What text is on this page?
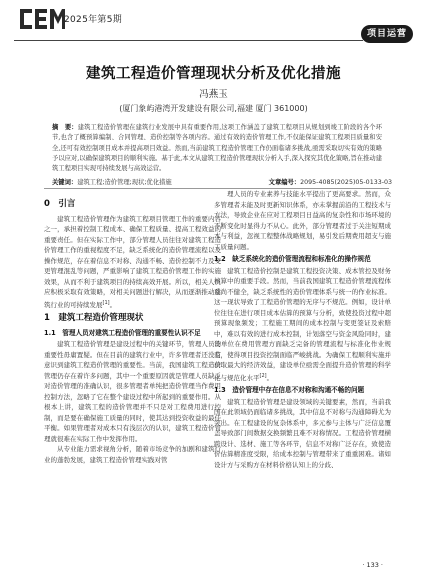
2025年第5期
项目运营
建筑工程造价管理现状分析及优化措施
冯燕玉
(厦门象屿港湾开发建设有限公司,福建 厦门 361000)
摘　要：建筑工程造价管理在建筑行业发展中具有重要作用,这项工作涵盖了建筑工程项目从规划到竣工阶段的各个环节,也含了概预算编制、合同管理、造价控制等各项内容。通过有效的造价管理工作,不仅能保证建筑工程项目质量和安全,还可有效控制项目成本并提高项目效益。然而,当前建筑工程造价管理工作仍面临诸多挑战,亟需采取切实有效的策略予以应对,以确保建筑项目的顺利实施。基于此,本文从建筑工程造价管理现状分析入手,深入探究其优化策略,旨在推动建筑工程项目实现可持续发展与高效运营。
关键词：建筑工程;造价管理;现状;优化措施	文章编号：2095-4085(2025)05-0133-03
0　引言

建筑工程造价管理作为建筑工程项目管理工作的重要内容之一，承担着控制工程成本、确保工程质量、提高工程效益的重要责任。但在实际工作中，部分管理人员往往对建筑工程造价管理工作的重视程度不足，缺乏系统化的造价管理流程以及操作规范，存在着信息不对称、沟通不畅、造价控制不力及变更管理混乱等问题，严重影响了建筑工程造价管理工作的实施效果，从而不利于建筑项目的持续高效开展。所以，相关人员应积极采取有效策略，对相关问题进行解决，从而逐渐推动建筑行业的可持续发展[1]。

1　建筑工程造价管理现状
1.1　管理人员对建筑工程造价管理的重要性认识不足

建筑工程造价管理是建设过程中的关键环节，管理人员的重要性毋庸置疑。但在目前的建筑行业中，许多管理者还没有意识到建筑工程造价管理的重要性。当前，我国建筑工程造价管理仍存在着许多问题，其中一个重要原因就是管理人员缺乏对造价管理的准确认识，很多管理者单纯把造价管理当作费用控制方法，忽略了它在整个建设过程中所起到的重要作用。从根本上讲，建筑工程的造价管理并不只是对工程费用进行控制，而是要在确保施工质量的同时，使其达到投资收益的最佳平衡。如果管理者对成本只有浅层次的认识，建筑工程造价管理就很难在实际工作中发挥作用。

从专业能力需求视角分析，随着市场竞争的加剧和建筑行业的蓬勃发展，建筑工程造价管理实践对管

理人员的专业素养与技能水平提出了更高要求。然而，众多管理者未能及时更新知识体系，亦未掌握前沿的工程技术与方法，导致企业在应对工程项目日益高的复杂性和市场环境的不断变化时显得力不从心。此外，部分管理者过于关注短期成本与利益，忽视工程整体战略规划，易引发后期费用超支与施工质量问题。

1.2　缺乏系统化的造价管理流程和标准化的操作规范

建筑工程造价控制是建筑工程投资决策、成本管控及财务核算中的重要手段。然而，当前我国建筑工程造价管理流程体系尚不健全，缺乏系统性的造价管理体系与统一的作业标准。这一现状导致了工程造价管理的无序与不规范。例如，设计单位往往在进行项目成本估算的预算与分析，致使投资过程中超预算现象频发；工程施工期间的成本控制与变更签证及索赔中，难以有效的进行成本控制，计划落空与资金风险同时，建设单位在费用管理方面缺乏完备的管理流程与标准化作业规范，使得项目投资控制面临严峻挑战。为确保工程顺利实施并获取最大的经济效益，建设单位亟需全面提升造价管理的科学化与规范化水平[2]。

1.3　造价管理中存在信息不对称和沟通不畅的问题

建筑工程造价管理是建设领域的关键要素，然而，当前我国在此领域仍面临诸多挑战，其中信息不对称与沟通障碍尤为突出。在工程建设的复杂体系中，多元参与主体与广泛信息覆盖导致部门间数据交换频繁且难不对称情况。工程造价管理横跨设计、选材、施工等各环节，信息不对称广泛存在，致使造价估算精准度受限，给成本控制与管理带来了重重困难。诸如设计方与采购方在材料价格认知上的分歧、

· 133 ·
